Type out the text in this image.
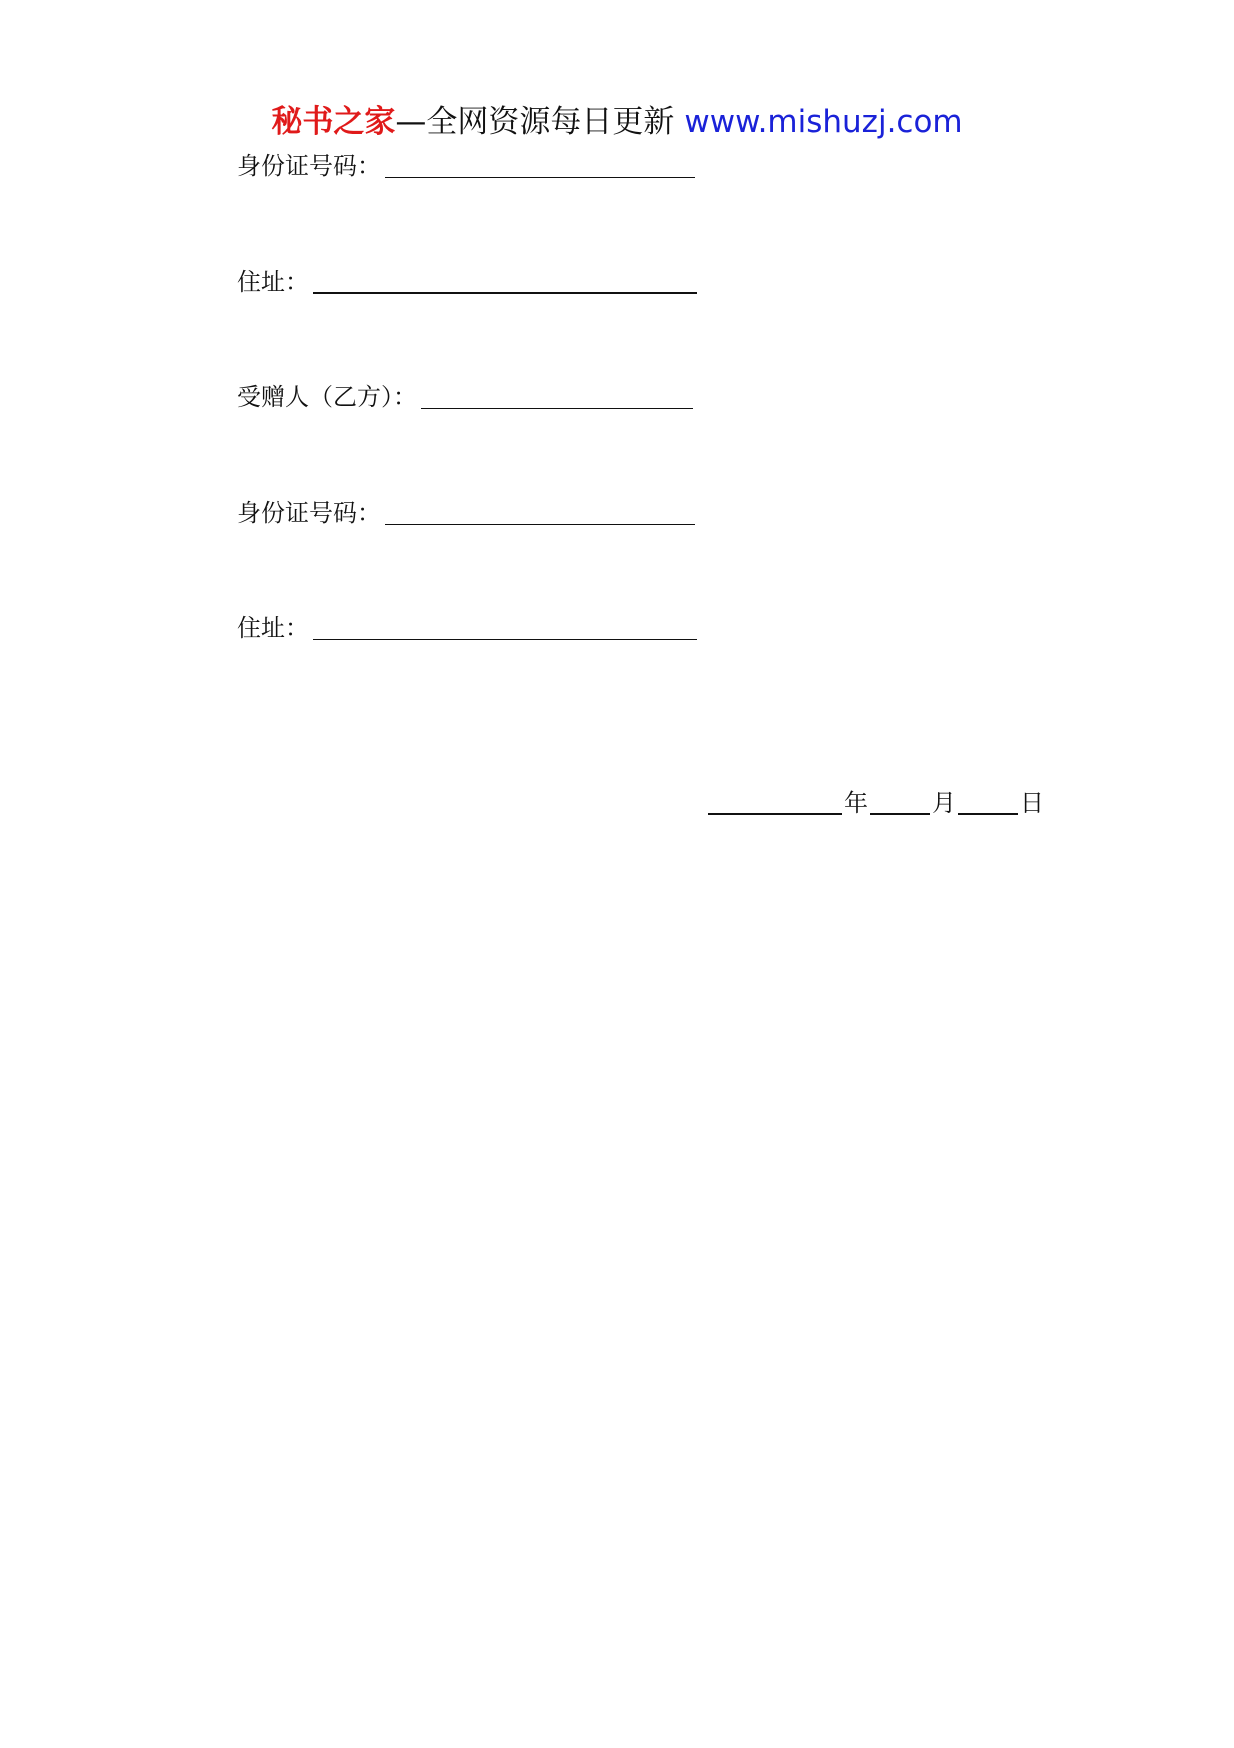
秘书之家—全网资源每日更新 www.mishuzj.com
身份证号码：
住址：
受赠人（乙方）：
身份证号码：
住址：
年	月	日
